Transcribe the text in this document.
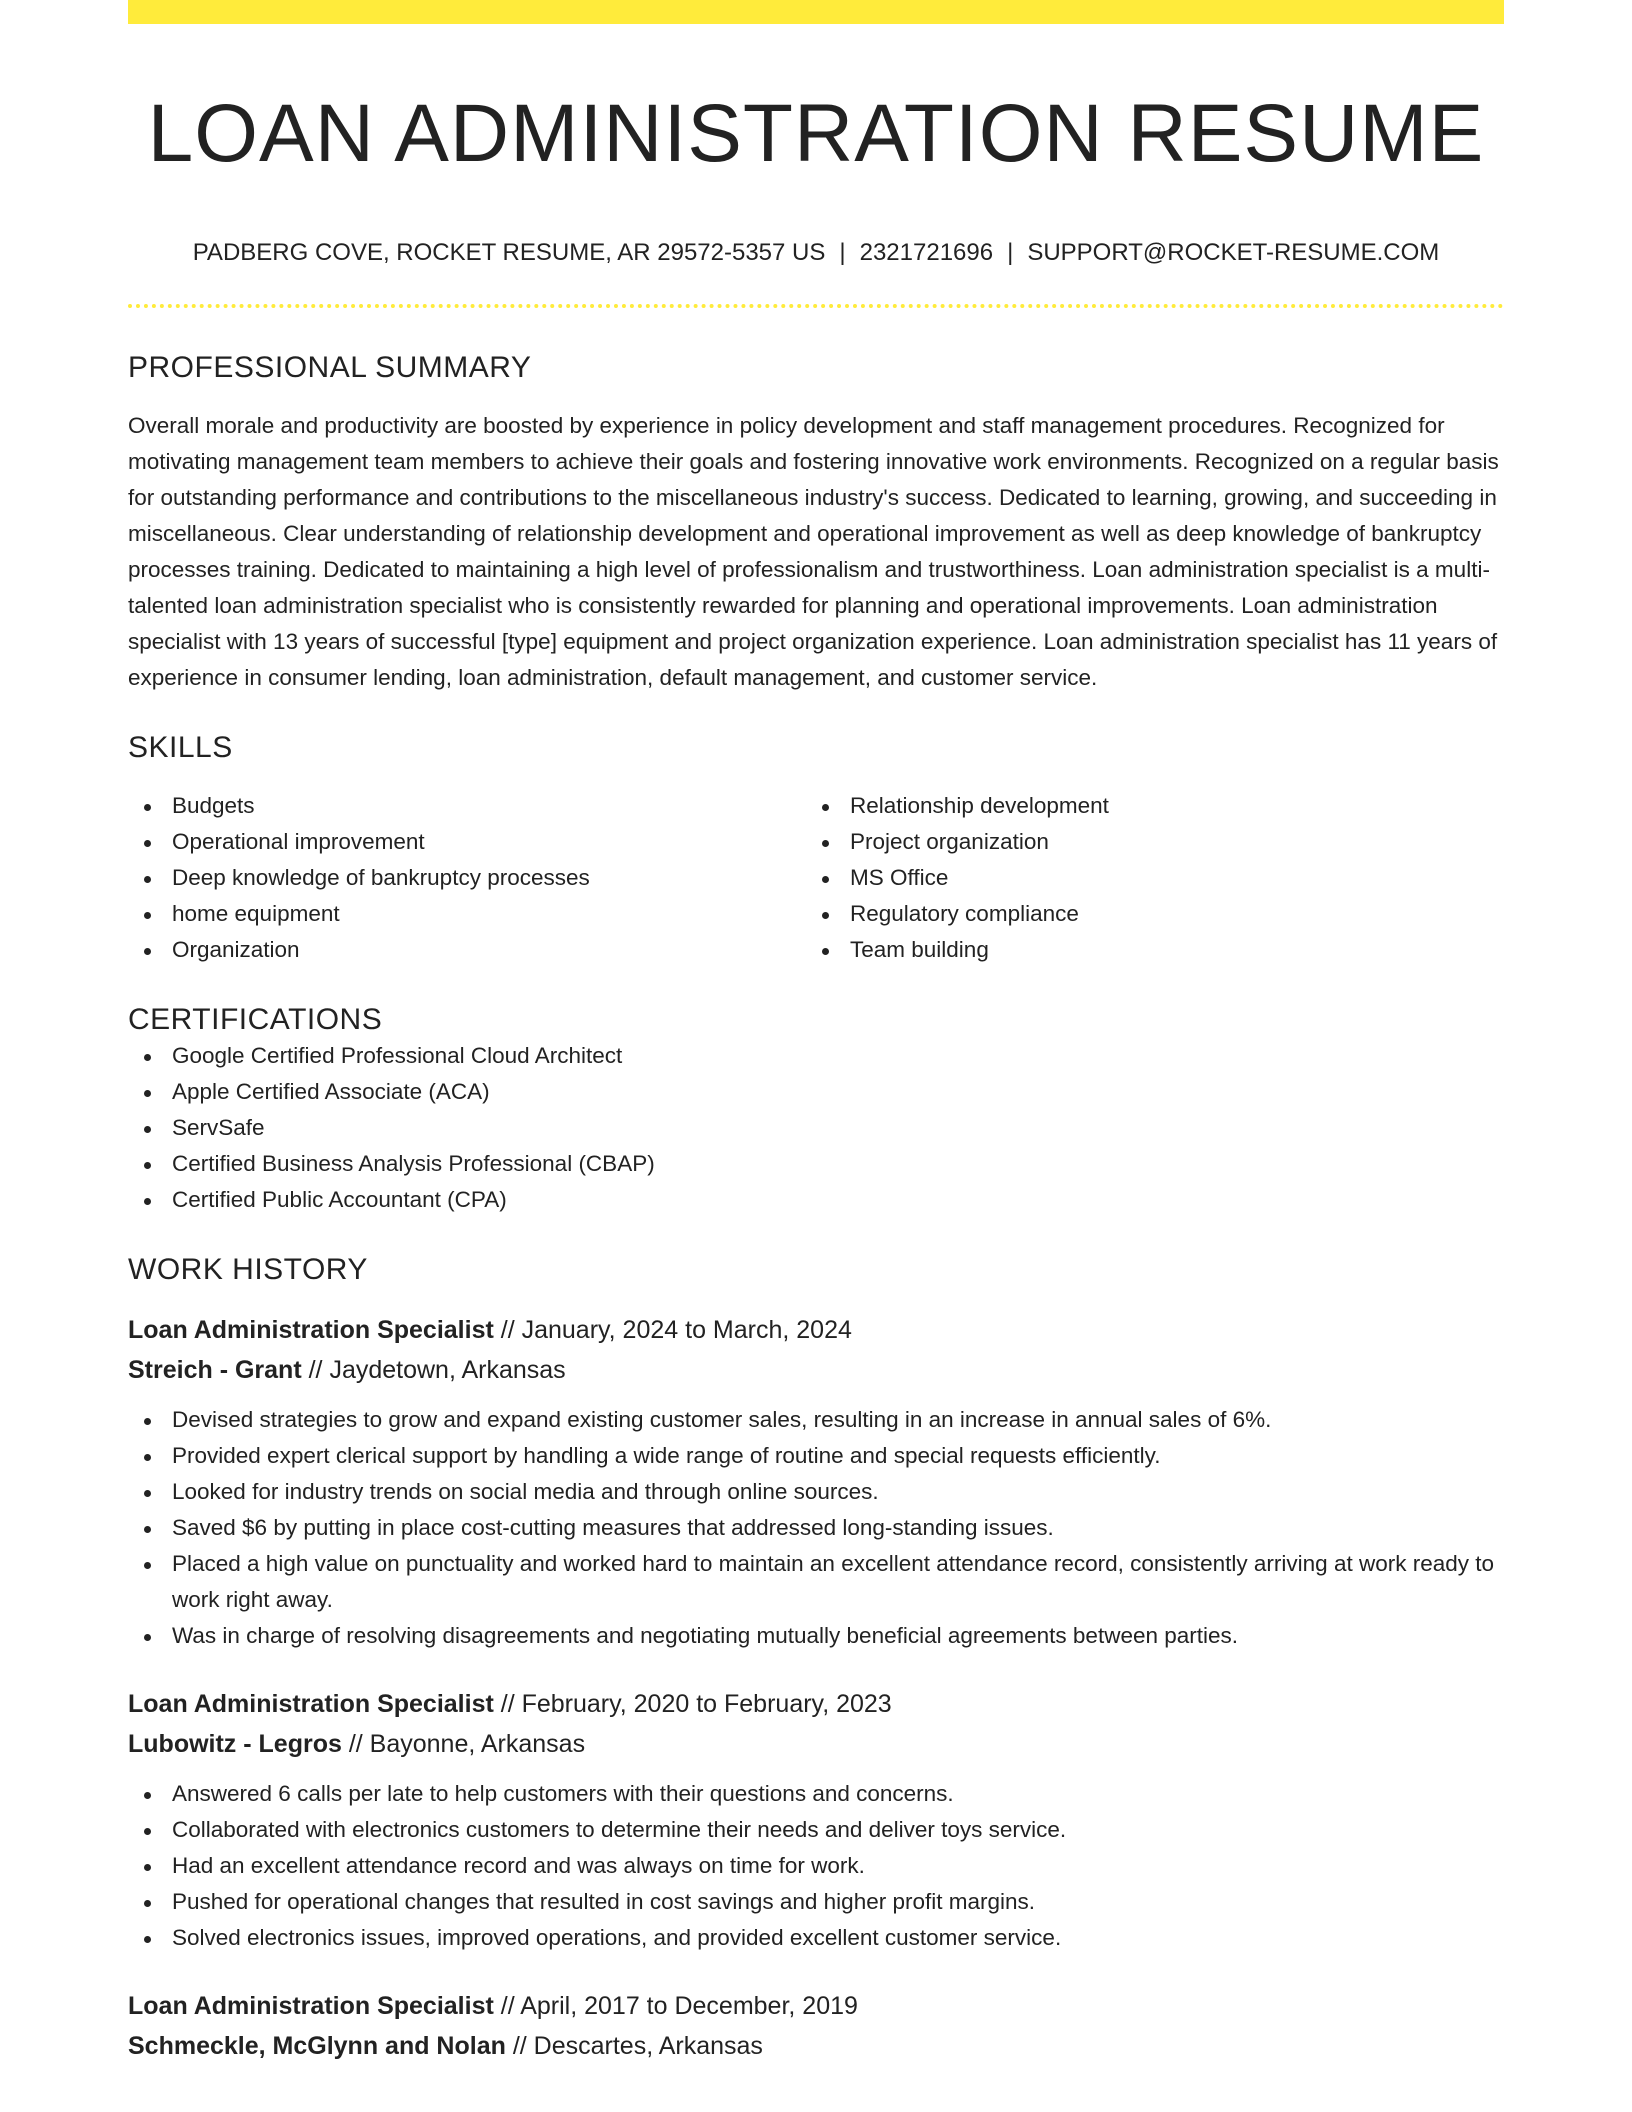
LOAN ADMINISTRATION RESUME
PADBERG COVE, ROCKET RESUME, AR 29572-5357 US | 2321721696 | SUPPORT@ROCKET-RESUME.COM
PROFESSIONAL SUMMARY
Overall morale and productivity are boosted by experience in policy development and staff management procedures. Recognized for motivating management team members to achieve their goals and fostering innovative work environments. Recognized on a regular basis for outstanding performance and contributions to the miscellaneous industry's success. Dedicated to learning, growing, and succeeding in miscellaneous. Clear understanding of relationship development and operational improvement as well as deep knowledge of bankruptcy processes training. Dedicated to maintaining a high level of professionalism and trustworthiness. Loan administration specialist is a multi-talented loan administration specialist who is consistently rewarded for planning and operational improvements. Loan administration specialist with 13 years of successful [type] equipment and project organization experience. Loan administration specialist has 11 years of experience in consumer lending, loan administration, default management, and customer service.
SKILLS
Budgets
Operational improvement
Deep knowledge of bankruptcy processes
home equipment
Organization
Relationship development
Project organization
MS Office
Regulatory compliance
Team building
CERTIFICATIONS
Google Certified Professional Cloud Architect
Apple Certified Associate (ACA)
ServSafe
Certified Business Analysis Professional (CBAP)
Certified Public Accountant (CPA)
WORK HISTORY
Loan Administration Specialist // January, 2024 to March, 2024
Streich - Grant // Jaydetown, Arkansas
Devised strategies to grow and expand existing customer sales, resulting in an increase in annual sales of 6%.
Provided expert clerical support by handling a wide range of routine and special requests efficiently.
Looked for industry trends on social media and through online sources.
Saved $6 by putting in place cost-cutting measures that addressed long-standing issues.
Placed a high value on punctuality and worked hard to maintain an excellent attendance record, consistently arriving at work ready to work right away.
Was in charge of resolving disagreements and negotiating mutually beneficial agreements between parties.
Loan Administration Specialist // February, 2020 to February, 2023
Lubowitz - Legros // Bayonne, Arkansas
Answered 6 calls per late to help customers with their questions and concerns.
Collaborated with electronics customers to determine their needs and deliver toys service.
Had an excellent attendance record and was always on time for work.
Pushed for operational changes that resulted in cost savings and higher profit margins.
Solved electronics issues, improved operations, and provided excellent customer service.
Loan Administration Specialist // April, 2017 to December, 2019
Schmeckle, McGlynn and Nolan // Descartes, Arkansas
